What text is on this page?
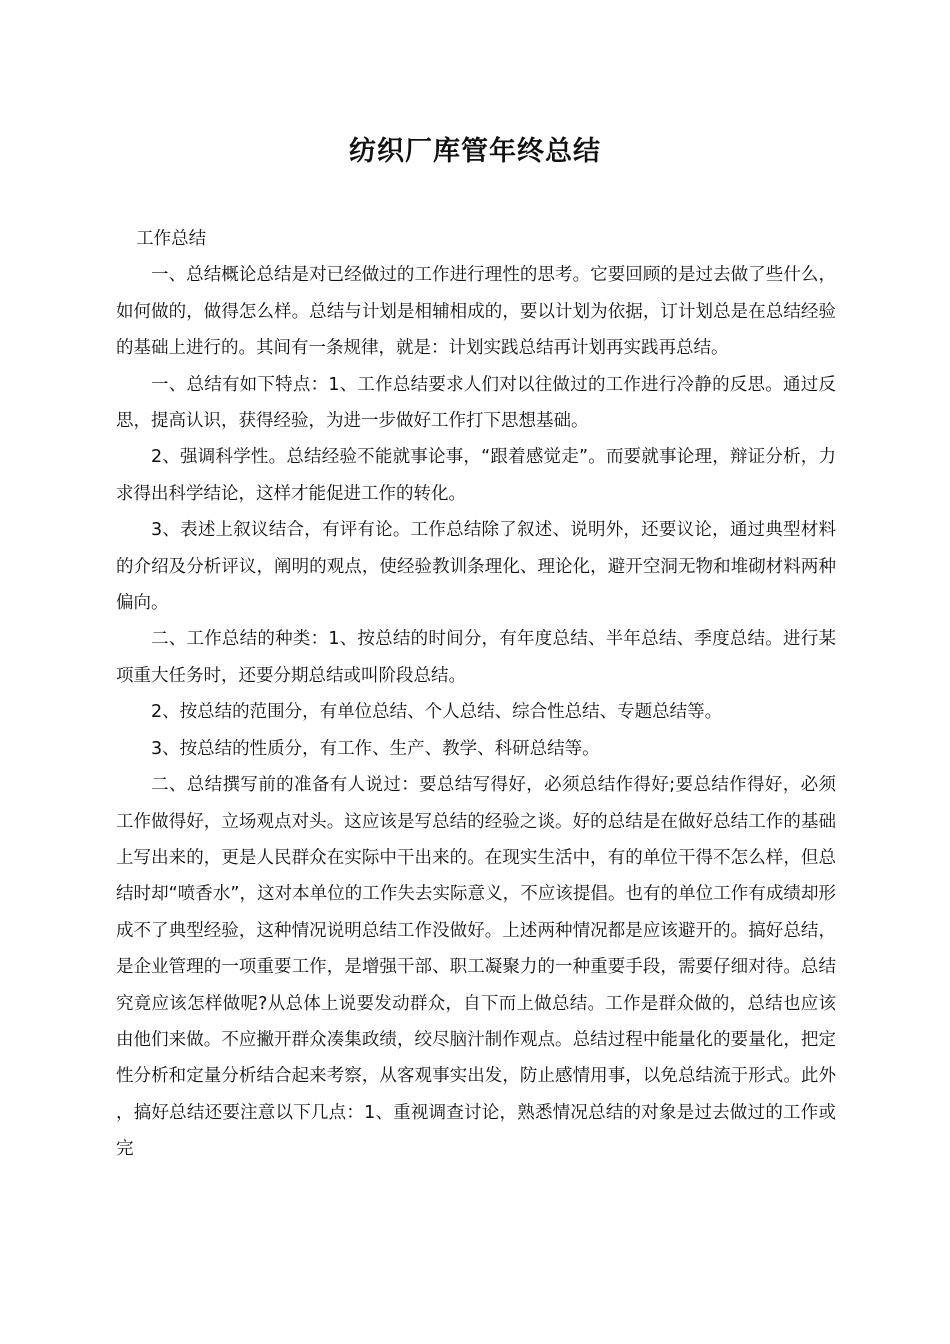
纺织厂库管年终总结

工作总结

一、总结概论总结是对已经做过的工作进行理性的思考。它要回顾的是过去做了些什么，如何做的，做得怎么样。总结与计划是相辅相成的，要以计划为依据，订计划总是在总结经验的基础上进行的。其间有一条规律，就是：计划实践总结再计划再实践再总结。

一、总结有如下特点：1、工作总结要求人们对以往做过的工作进行冷静的反思。通过反思，提高认识，获得经验，为进一步做好工作打下思想基础。

2、强调科学性。总结经验不能就事论事，“跟着感觉走”。而要就事论理，辩证分析，力求得出科学结论，这样才能促进工作的转化。

3、表述上叙议结合，有评有论。工作总结除了叙述、说明外，还要议论，通过典型材料的介绍及分析评议，阐明的观点，使经验教训条理化、理论化，避开空洞无物和堆砌材料两种偏向。

二、工作总结的种类：1、按总结的时间分，有年度总结、半年总结、季度总结。进行某项重大任务时，还要分期总结或叫阶段总结。

2、按总结的范围分，有单位总结、个人总结、综合性总结、专题总结等。

3、按总结的性质分，有工作、生产、教学、科研总结等。

二、总结撰写前的准备有人说过：要总结写得好，必须总结作得好;要总结作得好，必须工作做得好，立场观点对头。这应该是写总结的经验之谈。好的总结是在做好总结工作的基础上写出来的，更是人民群众在实际中干出来的。在现实生活中，有的单位干得不怎么样，但总结时却“喷香水”，这对本单位的工作失去实际意义，不应该提倡。也有的单位工作有成绩却形成不了典型经验，这种情况说明总结工作没做好。上述两种情况都是应该避开的。搞好总结，是企业管理的一项重要工作，是增强干部、职工凝聚力的一种重要手段，需要仔细对待。总结究竟应该怎样做呢?从总体上说要发动群众，自下而上做总结。工作是群众做的，总结也应该由他们来做。不应撇开群众凑集政绩，绞尽脑汁制作观点。总结过程中能量化的要量化，把定性分析和定量分析结合起来考察，从客观事实出发，防止感情用事，以免总结流于形式。此外，搞好总结还要注意以下几点：1、重视调查讨论，熟悉情况总结的对象是过去做过的工作或完
